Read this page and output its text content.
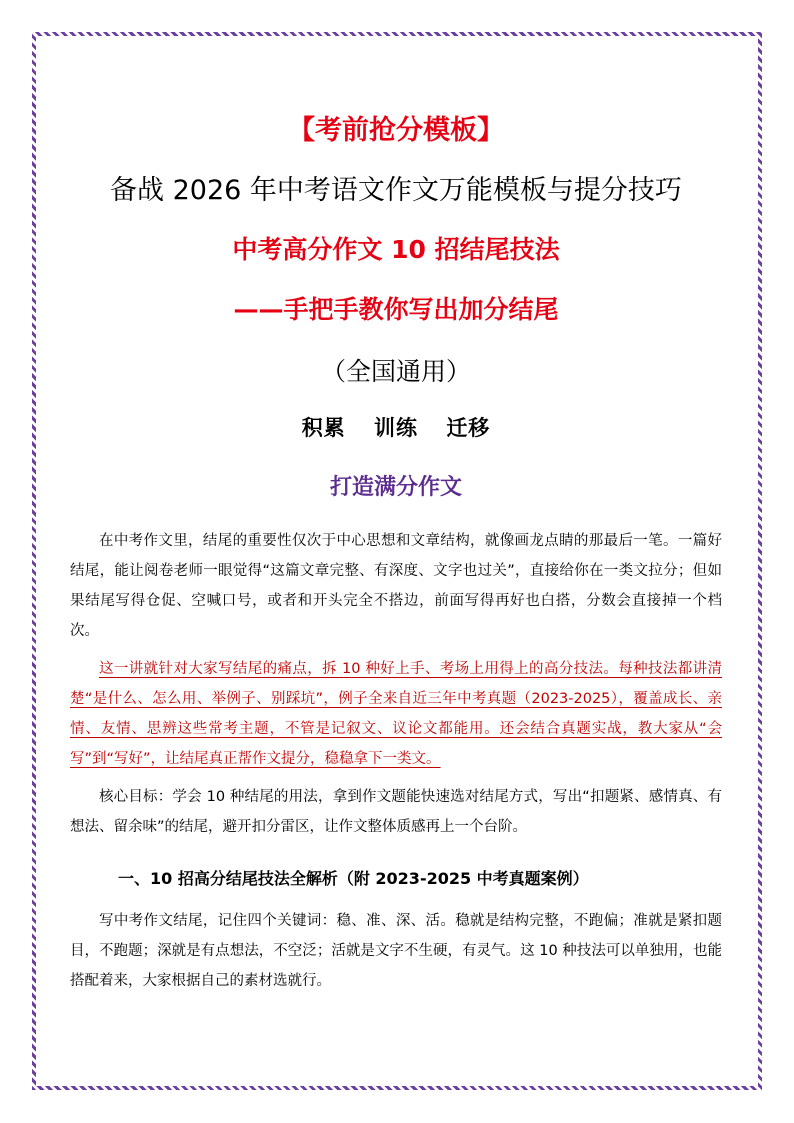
【考前抢分模板】
备战 2026 年中考语文作文万能模板与提分技巧
中考高分作文 10 招结尾技法
——手把手教你写出加分结尾
（全国通用）
积累 训练 迁移
打造满分作文

在中考作文里，结尾的重要性仅次于中心思想和文章结构，就像画龙点睛的那最后一笔。一篇好结尾，能让阅卷老师一眼觉得“这篇文章完整、有深度、文字也过关”，直接给你在一类文拉分；但如果结尾写得仓促、空喊口号，或者和开头完全不搭边，前面写得再好也白搭，分数会直接掉一个档次。

这一讲就针对大家写结尾的痛点，拆 10 种好上手、考场上用得上的高分技法。每种技法都讲清楚“是什么、怎么用、举例子、别踩坑”，例子全来自近三年中考真题（2023-2025），覆盖成长、亲情、友情、思辨这些常考主题，不管是记叙文、议论文都能用。还会结合真题实战，教大家从“会写”到“写好”，让结尾真正帮作文提分，稳稳拿下一类文。

核心目标：学会 10 种结尾的用法，拿到作文题能快速选对结尾方式，写出“扣题紧、感情真、有想法、留余味”的结尾，避开扣分雷区，让作文整体质感再上一个台阶。

一、10 招高分结尾技法全解析（附 2023-2025 中考真题案例）

写中考作文结尾，记住四个关键词：稳、准、深、活。稳就是结构完整，不跑偏；准就是紧扣题目，不跑题；深就是有点想法，不空泛；活就是文字不生硬，有灵气。这 10 种技法可以单独用，也能搭配着来，大家根据自己的素材选就行。
